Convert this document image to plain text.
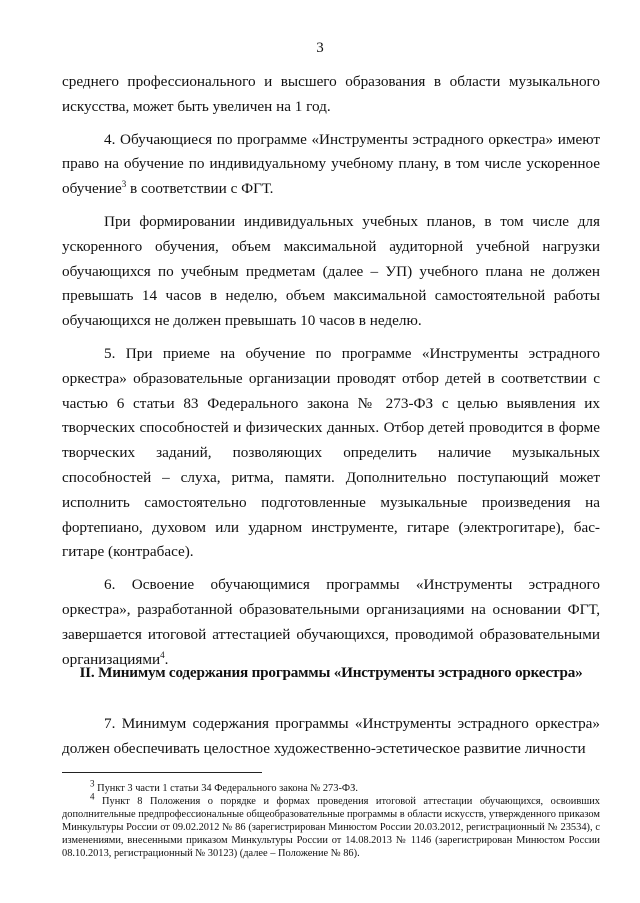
3

среднего профессионального и высшего образования в области музыкального искусства, может быть увеличен на 1 год.

4. Обучающиеся по программе «Инструменты эстрадного оркестра» имеют право на обучение по индивидуальному учебному плану, в том числе ускоренное обучение$^3$ в соответствии с ФГТ.

При формировании индивидуальных учебных планов, в том числе для ускоренного обучения, объем максимальной аудиторной учебной нагрузки обучающихся по учебным предметам (далее – УП) учебного плана не должен превышать 14 часов в неделю, объем максимальной самостоятельной работы обучающихся не должен превышать 10 часов в неделю.

5. При приеме на обучение по программе «Инструменты эстрадного оркестра» образовательные организации проводят отбор детей в соответствии с частью 6 статьи 83 Федерального закона № 273-ФЗ с целью выявления их творческих способностей и физических данных. Отбор детей проводится в форме творческих заданий, позволяющих определить наличие музыкальных способностей – слуха, ритма, памяти. Дополнительно поступающий может исполнить самостоятельно подготовленные музыкальные произведения на фортепиано, духовом или ударном инструменте, гитаре (электрогитаре), бас-гитаре (контрабасе).

6. Освоение обучающимися программы «Инструменты эстрадного оркестра», разработанной образовательными организациями на основании ФГТ, завершается итоговой аттестацией обучающихся, проводимой образовательными организациями$^4$.

II. Минимум содержания программы «Инструменты эстрадного оркестра»

7. Минимум содержания программы «Инструменты эстрадного оркестра» должен обеспечивать целостное художественно-эстетическое развитие личности

$^3$ Пункт 3 части 1 статьи 34 Федерального закона № 273-ФЗ.

$^4$ Пункт 8 Положения о порядке и формах проведения итоговой аттестации обучающихся, освоивших дополнительные предпрофессиональные общеобразовательные программы в области искусств, утвержденного приказом Минкультуры России от 09.02.2012 № 86 (зарегистрирован Минюстом России 20.03.2012, регистрационный № 23534), с изменениями, внесенными приказом Минкультуры России от 14.08.2013 № 1146 (зарегистрирован Минюстом России 08.10.2013, регистрационный № 30123) (далее – Положение № 86).
